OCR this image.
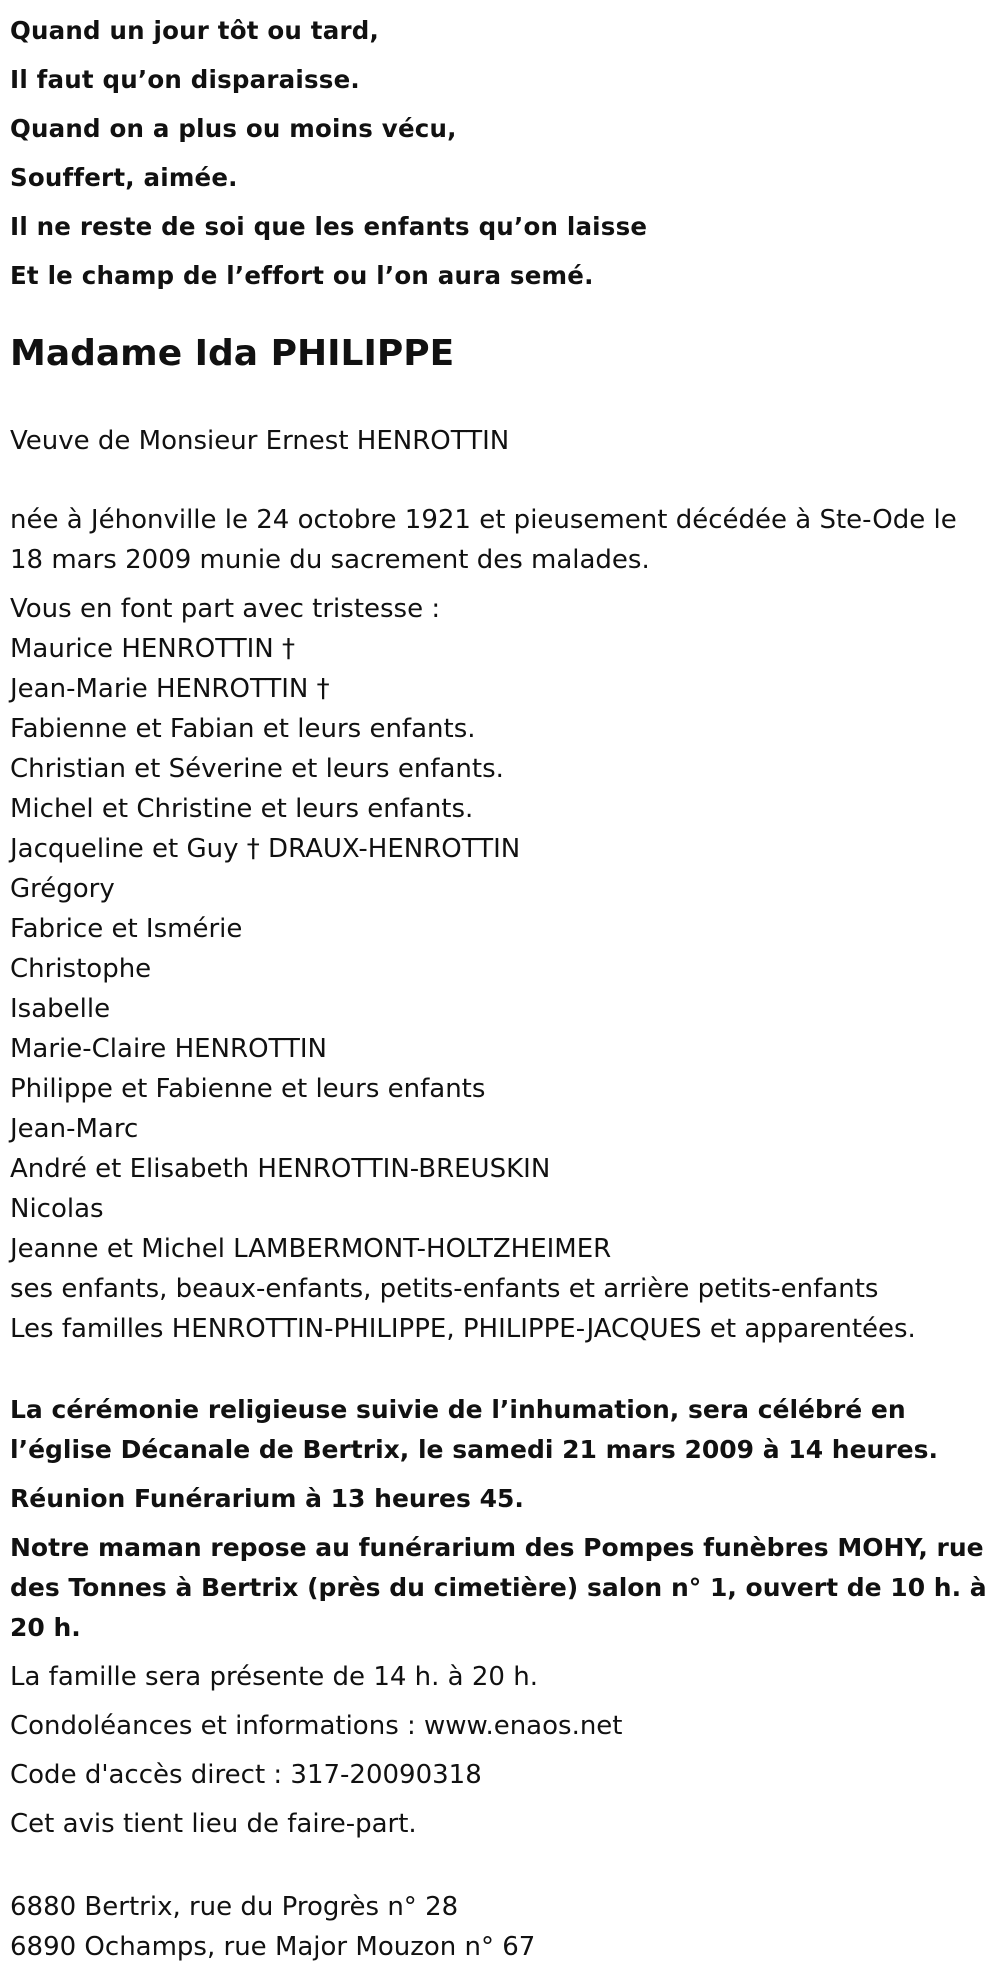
Quand un jour tôt ou tard,
Il faut qu’on disparaisse.
Quand on a plus ou moins vécu,
Souffert, aimée.
Il ne reste de soi que les enfants qu’on laisse
Et le champ de l’effort ou l’on aura semé.
Madame Ida PHILIPPE
Veuve de Monsieur Ernest HENROTTIN
née à Jéhonville le 24 octobre 1921 et pieusement décédée à Ste-Ode le 18 mars 2009 munie du sacrement des malades.
Vous en font part avec tristesse :
Maurice HENROTTIN †
Jean-Marie HENROTTIN †
Fabienne et Fabian et leurs enfants.
Christian et Séverine et leurs enfants.
Michel et Christine et leurs enfants.
Jacqueline et Guy † DRAUX-HENROTTIN
Grégory
Fabrice et Ismérie
Christophe
Isabelle
Marie-Claire HENROTTIN
Philippe et Fabienne et leurs enfants
Jean-Marc
André et Elisabeth HENROTTIN-BREUSKIN
Nicolas
Jeanne et Michel LAMBERMONT-HOLTZHEIMER
ses enfants, beaux-enfants, petits-enfants et arrière petits-enfants
Les familles HENROTTIN-PHILIPPE, PHILIPPE-JACQUES et apparentées.

La cérémonie religieuse suivie de l’inhumation, sera célébré en l’église Décanale de Bertrix, le samedi 21 mars 2009 à 14 heures.

Réunion Funérarium à 13 heures 45.

Notre maman repose au funérarium des Pompes funèbres MOHY, rue des Tonnes à Bertrix (près du cimetière) salon n° 1, ouvert de 10 h. à 20 h.

La famille sera présente de 14 h. à 20 h.

Condoléances et informations : www.enaos.net

Code d'accès direct : 317-20090318

Cet avis tient lieu de faire-part.

6880 Bertrix, rue du Progrès n° 28
6890 Ochamps, rue Major Mouzon n° 67
